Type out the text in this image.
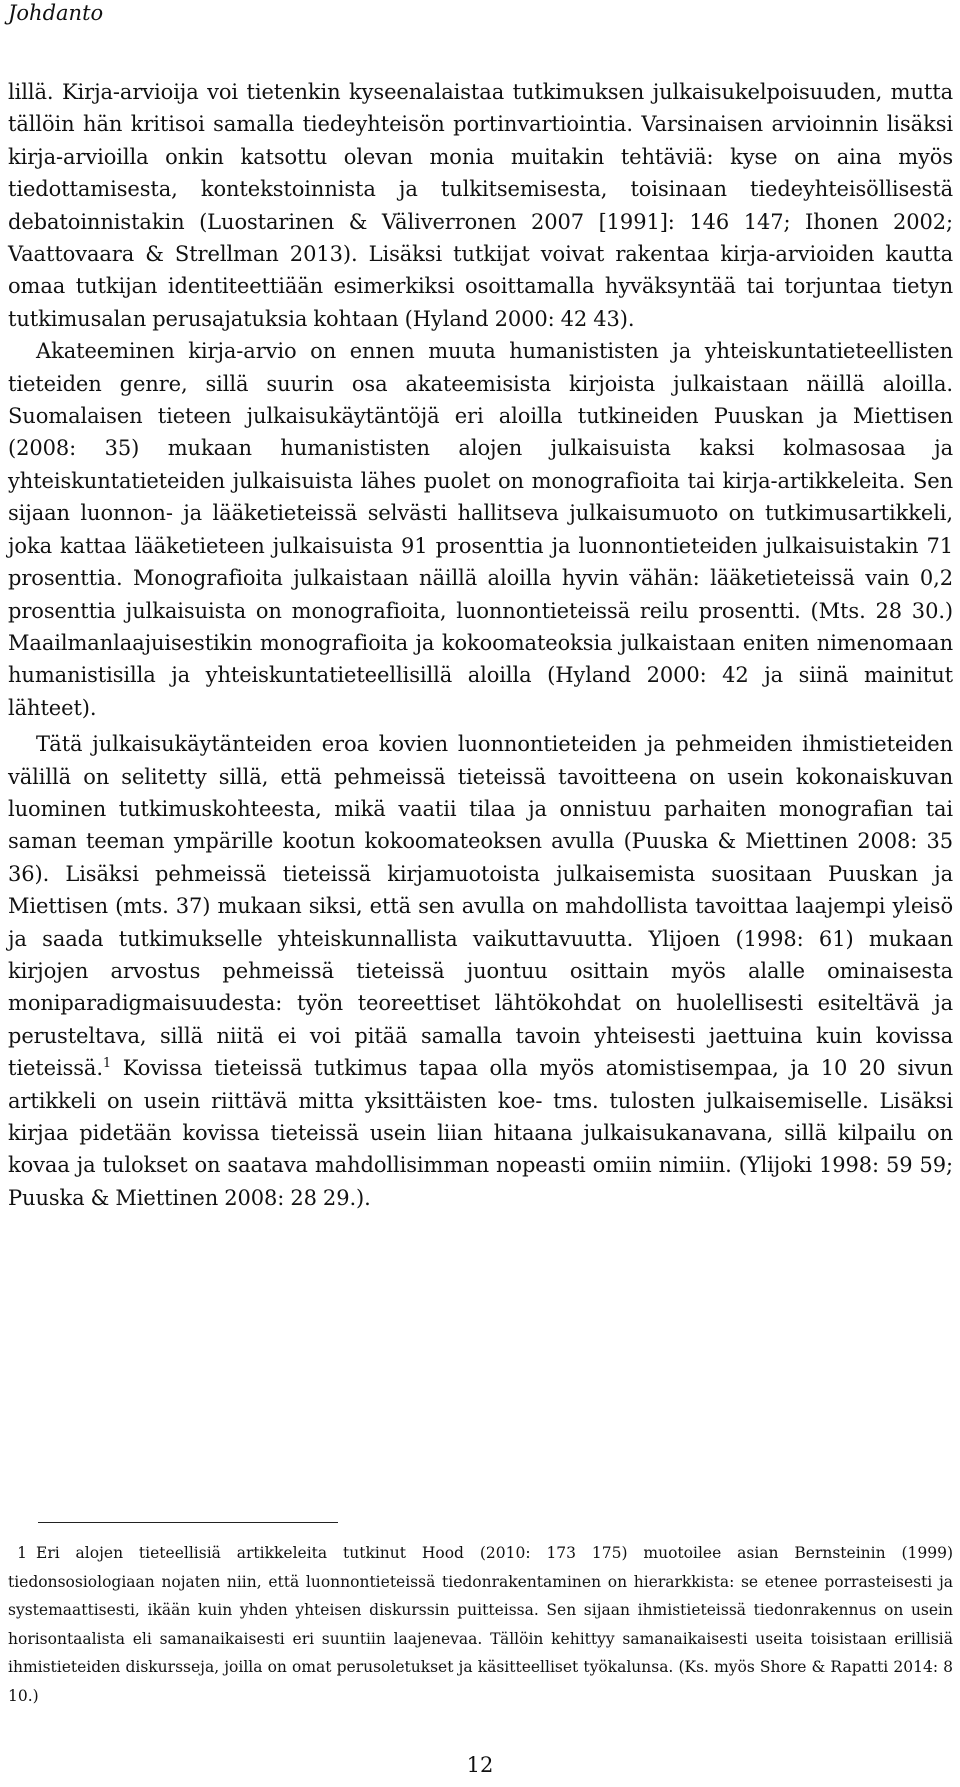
Johdanto

lillä. Kirja-arvioija voi tietenkin kyseenalaistaa tutkimuksen julkaisukelpoisuuden, mutta tällöin hän kritisoi samalla tiedeyhteisön portinvartiointia. Varsinaisen arvioinnin lisäksi kirja-arvioilla onkin katsottu olevan monia muitakin tehtäviä: kyse on aina myös tiedottamisesta, kontekstoinnista ja tulkitsemisesta, toisinaan tiedeyhteisöllisestä debatoinnistakin (Luostarinen & Väliverronen 2007 [1991]: 146 147; Ihonen 2002; Vaattovaara & Strellman 2013). Lisäksi tutkijat voivat rakentaa kirja-arvioiden kautta omaa tutkijan identiteettiään esimerkiksi osoittamalla hyväksyntää tai torjuntaa tietyn tutkimusalan perusajatuksia kohtaan (Hyland 2000: 42 43).

Akateeminen kirja-arvio on ennen muuta humanististen ja yhteiskuntatieteellisten tieteiden genre, sillä suurin osa akateemisista kirjoista julkaistaan näillä aloilla. Suomalaisen tieteen julkaisukäytäntöjä eri aloilla tutkineiden Puuskan ja Miettisen (2008: 35) mukaan humanististen alojen julkaisuista kaksi kolmasosaa ja yhteiskuntatieteiden julkaisuista lähes puolet on monografioita tai kirja-artikkeleita. Sen sijaan luonnon- ja lääketieteissä selvästi hallitseva julkaisumuoto on tutkimusartikkeli, joka kattaa lääketieteen julkaisuista 91 prosenttia ja luonnontieteiden julkaisuistakin 71 prosenttia. Monografioita julkaistaan näillä aloilla hyvin vähän: lääketieteissä vain 0,2 prosenttia julkaisuista on monografioita, luonnontieteissä reilu prosentti. (Mts. 28 30.) Maailmanlaajuisestikin monografioita ja kokoomateoksia julkaistaan eniten nimenomaan humanistisilla ja yhteiskuntatieteellisillä aloilla (Hyland 2000: 42 ja siinä mainitut lähteet).

Tätä julkaisukäytänteiden eroa kovien luonnontieteiden ja pehmeiden ihmistieteiden välillä on selitetty sillä, että pehmeissä tieteissä tavoitteena on usein kokonaiskuvan luominen tutkimuskohteesta, mikä vaatii tilaa ja onnistuu parhaiten monografian tai saman teeman ympärille kootun kokoomateoksen avulla (Puuska & Miettinen 2008: 35 36). Lisäksi pehmeissä tieteissä kirjamuotoista julkaisemista suositaan Puuskan ja Miettisen (mts. 37) mukaan siksi, että sen avulla on mahdollista tavoittaa laajempi yleisö ja saada tutkimukselle yhteiskunnallista vaikuttavuutta. Ylijoen (1998: 61) mukaan kirjojen arvostus pehmeissä tieteissä juontuu osittain myös alalle ominaisesta moniparadigmaisuudesta: työn teoreettiset lähtökohdat on huolellisesti esiteltävä ja perusteltava, sillä niitä ei voi pitää samalla tavoin yhteisesti jaettuina kuin kovissa tieteissä.$^1$ Kovissa tieteissä tutkimus tapaa olla myös atomistisempaa, ja 10 20 sivun artikkeli on usein riittävä mitta yksittäisten koe- tms. tulosten julkaisemiselle. Lisäksi kirjaa pidetään kovissa tieteissä usein liian hitaana julkaisukanavana, sillä kilpailu on kovaa ja tulokset on saatava mahdollisimman nopeasti omiin nimiin. (Ylijoki 1998: 59 59; Puuska & Miettinen 2008: 28 29.).

1 Eri alojen tieteellisiä artikkeleita tutkinut Hood (2010: 173 175) muotoilee asian Bernsteinin (1999) tiedonsosiologiaan nojaten niin, että luonnontieteissä tiedonrakentaminen on hierarkkista: se etenee porrasteisesti ja systemaattisesti, ikään kuin yhden yhteisen diskurssin puitteissa. Sen sijaan ihmistieteissä tiedonrakennus on usein horisontaalista eli samanaikaisesti eri suuntiin laajenevaa. Tällöin kehittyy samanaikaisesti useita toisistaan erillisiä ihmistieteiden diskursseja, joilla on omat perusoletukset ja käsitteelliset työkalunsa. (Ks. myös Shore & Rapatti 2014: 8 10.)

12
